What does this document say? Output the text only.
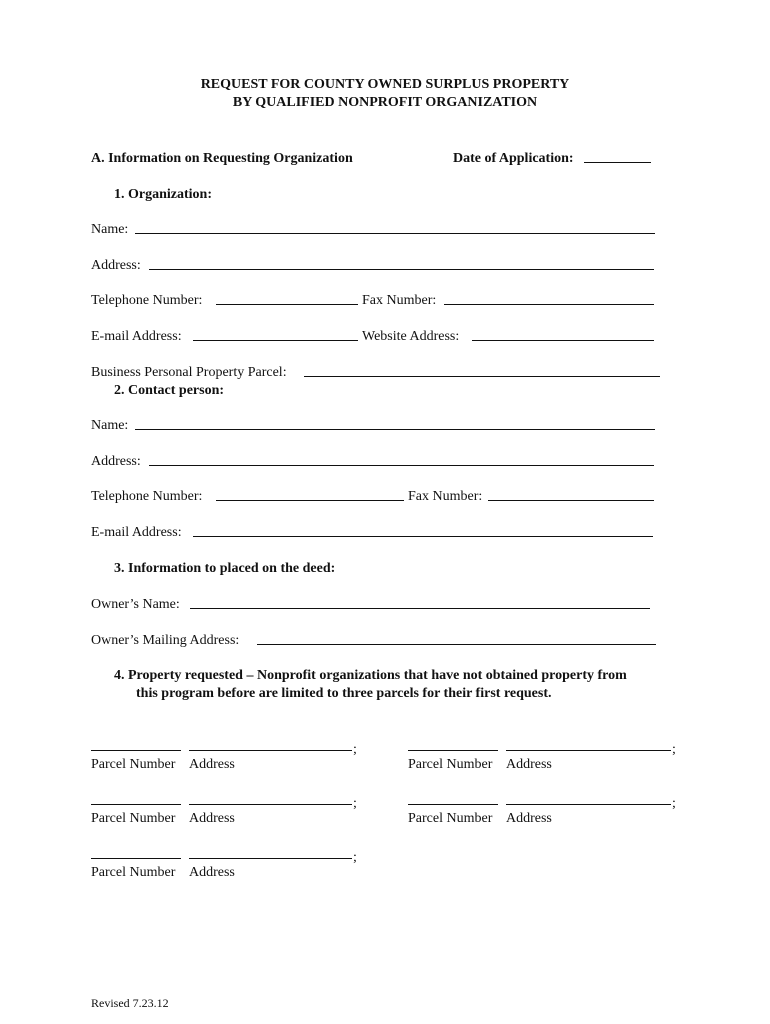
REQUEST FOR COUNTY OWNED SURPLUS PROPERTY
BY QUALIFIED NONPROFIT ORGANIZATION
A. Information on Requesting Organization	Date of Application:
1. Organization:
Name:
Address:
Telephone Number:	Fax Number:
E-mail Address:	Website Address:
Business Personal Property Parcel:
2. Contact person:
Name:
Address:
Telephone Number:	Fax Number:
E-mail Address:
3. Information to placed on the deed:
Owner’s Name:
Owner’s Mailing Address:
4. Property requested – Nonprofit organizations that have not obtained property from
this program before are limited to three parcels for their first request.
;
Parcel Number Address
;
Parcel Number Address
;
Parcel Number Address
;
Parcel Number Address
;
Parcel Number Address
Revised 7.23.12
